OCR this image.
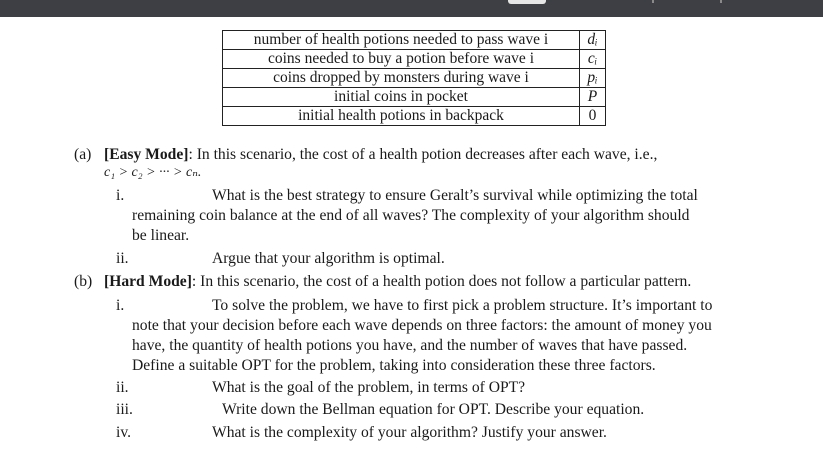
number of health potions needed to pass wave i	dᵢ
coins needed to buy a potion before wave i	cᵢ
coins dropped by monsters during wave i	pᵢ
initial coins in pocket	P
initial health potions in backpack	0
(a) [Easy Mode]: In this scenario, the cost of a health potion decreases after each wave, i.e.,
c₁ > c₂ > ··· > cₙ.
i.	What is the best strategy to ensure Geralt’s survival while optimizing the total
remaining coin balance at the end of all waves? The complexity of your algorithm should
be linear.
ii.	Argue that your algorithm is optimal.
(b) [Hard Mode]: In this scenario, the cost of a health potion does not follow a particular pattern.
i.	To solve the problem, we have to first pick a problem structure. It’s important to
note that your decision before each wave depends on three factors: the amount of money you
have, the quantity of health potions you have, and the number of waves that have passed.
Define a suitable OPT for the problem, taking into consideration these three factors.
ii.	What is the goal of the problem, in terms of OPT?
iii.	Write down the Bellman equation for OPT. Describe your equation.
iv.	What is the complexity of your algorithm? Justify your answer.
